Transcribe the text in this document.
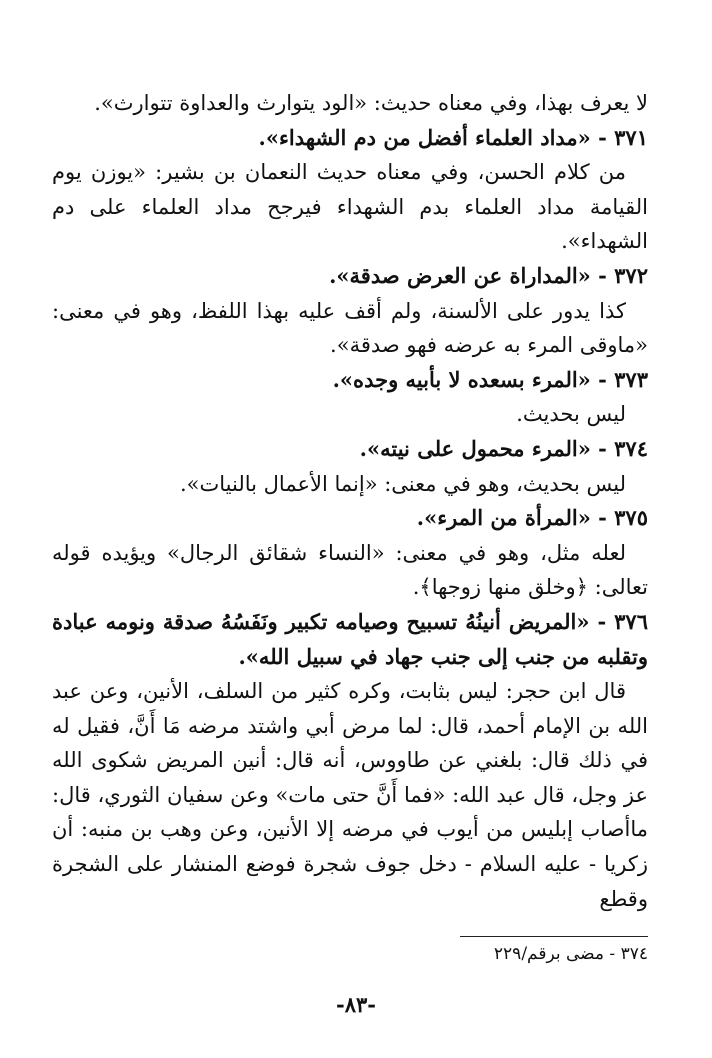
لا يعرف بهذا، وفي معناه حديث: «الود يتوارث والعداوة تتوارث».

٣٧١ - «مداد العلماء أفضل من دم الشهداء».

من كلام الحسن، وفي معناه حديث النعمان بن بشير: «يوزن يوم القيامة مداد العلماء بدم الشهداء فيرجح مداد العلماء على دم الشهداء».

٣٧٢ - «المداراة عن العرض صدقة».

كذا يدور على الألسنة، ولم أقف عليه بهذا اللفظ، وهو في معنى: «ماوقى المرء به عرضه فهو صدقة».

٣٧٣ - «المرء بسعده لا بأبيه وجده».

ليس بحديث.

٣٧٤ - «المرء محمول على نيته».

ليس بحديث، وهو في معنى: «إنما الأعمال بالنيات».

٣٧٥ - «المرأة من المرء».

لعله مثل، وهو في معنى: «النساء شقائق الرجال» ويؤيده قوله تعالى: ﴿وخلق منها زوجها﴾.

٣٧٦ - «المريض أنينُهُ تسبيح وصيامه تكبير ونَفَسُهُ صدقة ونومه عبادة وتقلبه من جنب إلى جنب جهاد في سبيل الله».

قال ابن حجر: ليس بثابت، وكره كثير من السلف، الأنين، وعن عبد الله بن الإمام أحمد، قال: لما مرض أبي واشتد مرضه مَا أَنَّ، فقيل له في ذلك قال: بلغني عن طاووس، أنه قال: أنين المريض شكوى الله عز وجل، قال عبد الله: «فما أَنَّ حتى مات» وعن سفيان الثوري، قال: ماأصاب إبليس من أيوب في مرضه إلا الأنين، وعن وهب بن منبه: أن زكريا - عليه السلام - دخل جوف شجرة فوضع المنشار على الشجرة وقطع

٣٧٤ - مضى برقم/٢٢٩
-٨٣-
